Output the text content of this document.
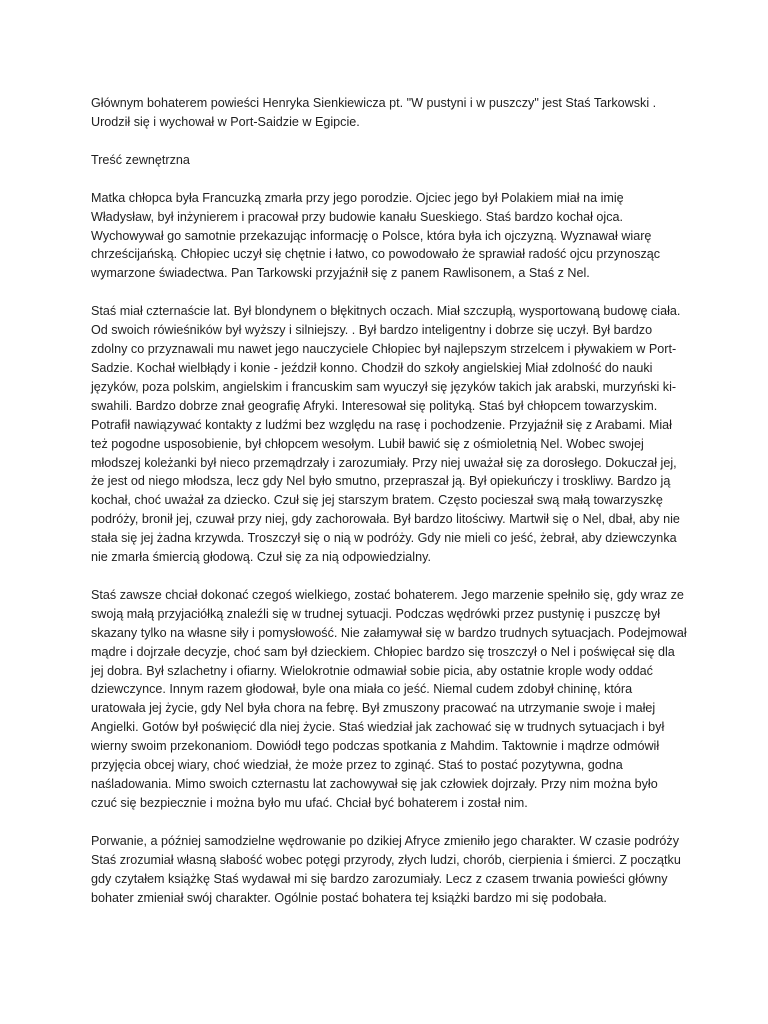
Głównym bohaterem powieści Henryka Sienkiewicza pt. "W pustyni i w puszczy" jest Staś Tarkowski . Urodził się i wychował w Port-Saidzie w Egipcie.

Treść zewnętrzna

Matka chłopca była Francuzką zmarła przy jego porodzie. Ojciec jego był Polakiem miał na imię Władysław, był inżynierem i pracował przy budowie kanału Sueskiego. Staś bardzo kochał ojca. Wychowywał go samotnie przekazując informację o Polsce, która była ich ojczyzną. Wyznawał wiarę chrześcijańską. Chłopiec uczył się chętnie i łatwo, co powodowało że sprawiał radość ojcu przynosząc wymarzone świadectwa. Pan Tarkowski przyjaźnił się z panem Rawlisonem, a Staś z Nel.

Staś miał czternaście lat. Był blondynem o błękitnych oczach. Miał szczupłą, wysportowaną budowę ciała. Od swoich rówieśników był wyższy i silniejszy. . Był bardzo inteligentny i dobrze się uczył. Był bardzo zdolny co przyznawali mu nawet jego nauczyciele Chłopiec był najlepszym strzelcem i pływakiem w Port-Sadzie. Kochał wielbłądy i konie - jeździł konno. Chodził do szkoły angielskiej Miał zdolność do nauki języków, poza polskim, angielskim i francuskim sam wyuczył się języków takich jak arabski, murzyński ki-swahili. Bardzo dobrze znał geografię Afryki. Interesował się polityką. Staś był chłopcem towarzyskim. Potrafił nawiązywać kontakty z ludźmi bez względu na rasę i pochodzenie. Przyjaźnił się z Arabami. Miał też pogodne usposobienie, był chłopcem wesołym. Lubił bawić się z ośmioletnią Nel. Wobec swojej młodszej koleżanki był nieco przemądrzały i zarozumiały. Przy niej uważał się za dorosłego. Dokuczał jej, że jest od niego młodsza, lecz gdy Nel było smutno, przepraszał ją. Był opiekuńczy i troskliwy. Bardzo ją kochał, choć uważał za dziecko. Czuł się jej starszym bratem. Często pociesza​ł swą małą towarzyszkę podróży, bronił jej, czuwał przy niej, gdy zachorowała. Był bardzo litościwy. Martwił się o Nel, dbał, aby nie stała się jej żadna krzywda. Troszczył się o nią w podróży. Gdy nie mieli co jeść, żebrał, aby dziewczynka nie zmarła śmiercią głodową. Czuł się za nią odpowiedzialny.

Staś zawsze chciał dokonać czegoś wielkiego, zostać bohaterem. Jego marzenie spełniło się, gdy wraz ze swoją małą przyjaciółką znaleźli się w trudnej sytuacji. Podczas wędrówki przez pustynię i puszczę był skazany tylko na własne siły i pomysłowość. Nie załamywał się w bardzo trudnych sytuacjach. Podejmował mądre i dojrzałe decyzje, choć sam był dzieckiem. Chłopiec bardzo się troszczył o Nel i poświęcał się dla jej dobra. Był szlachetny i ofiarny. Wielokrotnie odmawiał sobie picia, aby ostatnie krople wody oddać dziewczynce. Innym razem głodował, byle ona miała co jeść. Niemal cudem zdobył chininę, która uratowała jej życie, gdy Nel była chora na febrę. Był zmuszony pracować na utrzymanie swoje i małej Angielki. Gotów był poświęcić dla niej życie. Staś wiedział jak zachować się w trudnych sytuacjach i był wierny swoim przekonaniom. Dowiódł tego podczas spotkania z Mahdim. Taktownie i mądrze odmówił przyjęcia obcej wiary, choć wiedział, że może przez to zginąć. Staś to postać pozytywna, godna naśladowania. Mimo swoich czternastu lat zachowywał się jak człowiek dojrzały. Przy nim można było czuć się bezpiecznie i można było mu ufać. Chciał być bohaterem i został nim.

Porwanie, a później samodzielne wędrowanie po dzikiej Afryce zmieniło jego charakter. W czasie podróży Staś zrozumiał własną słabość wobec potęgi przyrody, złych ludzi, chorób, cierpienia i śmierci. Z początku gdy czytałem książkę Staś wydawał mi się bardzo zarozumiały. Lecz z czasem trwania powieści główny bohater zmieniał swój charakter. Ogólnie postać bohatera tej książki bardzo mi się podobała.
